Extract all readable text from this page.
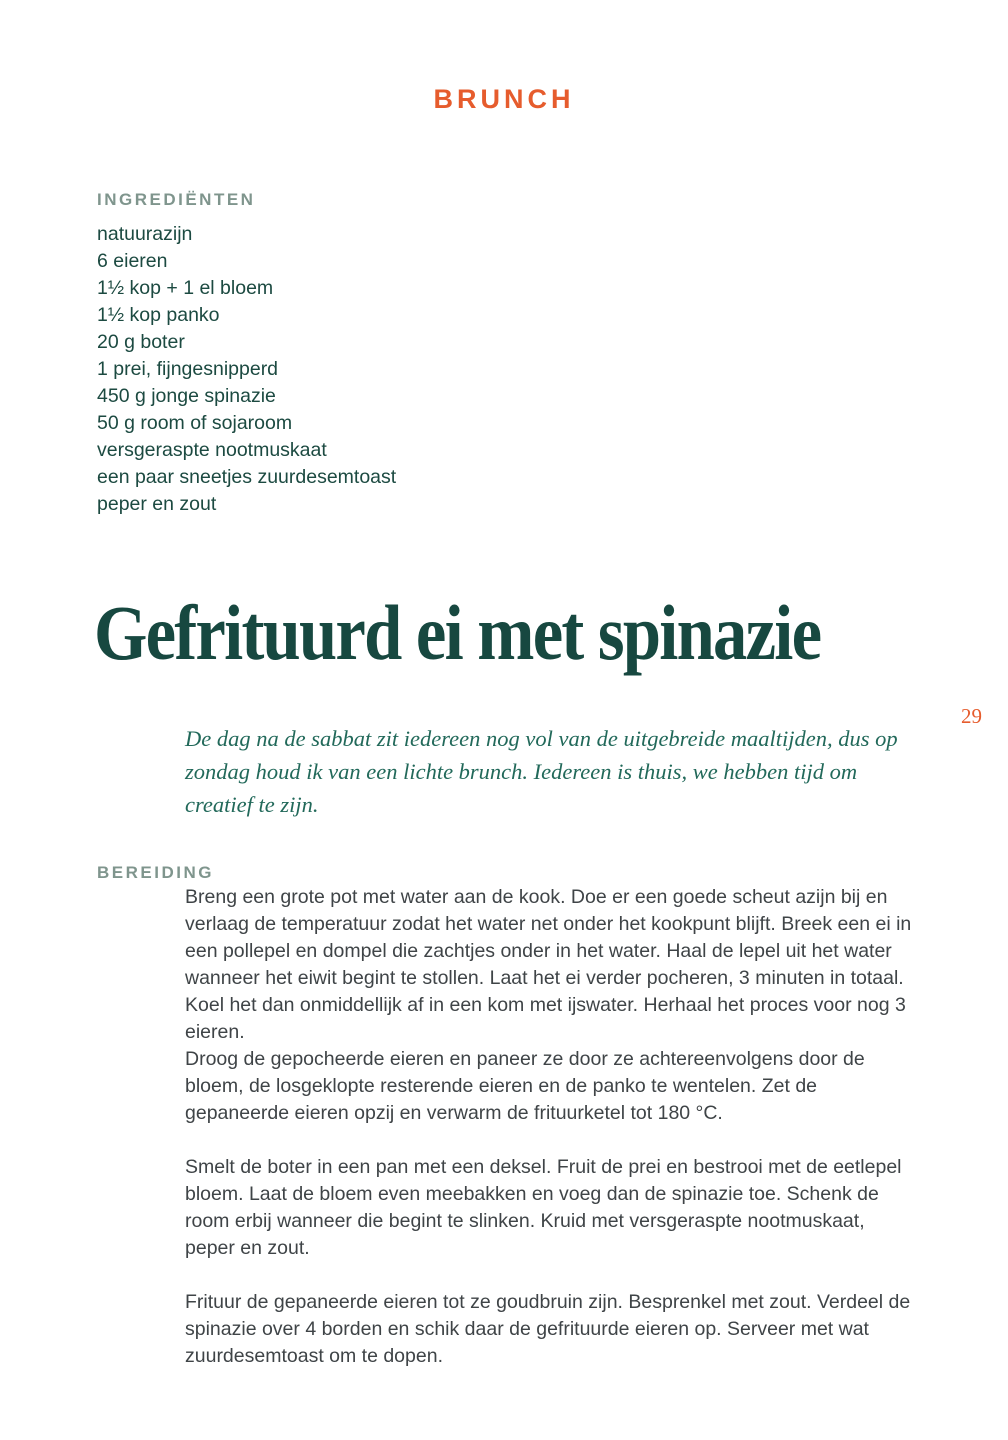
BRUNCH
INGREDIËNTEN
natuurazijn
6 eieren
1½ kop + 1 el bloem
1½ kop panko
20 g boter
1 prei, fijngesnipperd
450 g jonge spinazie
50 g room of sojaroom
versgeraspte nootmuskaat
een paar sneetjes zuurdesemtoast
peper en zout
Gefrituurd ei met spinazie
29

De dag na de sabbat zit iedereen nog vol van de uitgebreide maaltijden, dus op zondag houd ik van een lichte brunch. Iedereen is thuis, we hebben tijd om creatief te zijn.

BEREIDING

Breng een grote pot met water aan de kook. Doe er een goede scheut azijn bij en verlaag de temperatuur zodat het water net onder het kookpunt blijft. Breek een ei in een pollepel en dompel die zachtjes onder in het water. Haal de lepel uit het water wanneer het eiwit begint te stollen. Laat het ei verder pocheren, 3 minuten in totaal. Koel het dan onmiddellijk af in een kom met ijswater. Herhaal het proces voor nog 3 eieren.

Droog de gepocheerde eieren en paneer ze door ze achtereenvolgens door de bloem, de losgeklopte resterende eieren en de panko te wentelen. Zet de gepaneerde eieren opzij en verwarm de frituurketel tot 180 °C.

Smelt de boter in een pan met een deksel. Fruit de prei en bestrooi met de eetlepel bloem. Laat de bloem even meebakken en voeg dan de spinazie toe. Schenk de room erbij wanneer die begint te slinken. Kruid met versgeraspte nootmuskaat, peper en zout.

Frituur de gepaneerde eieren tot ze goudbruin zijn. Besprenkel met zout. Verdeel de spinazie over 4 borden en schik daar de gefrituurde eieren op. Serveer met wat zuurdesemtoast om te dopen.
